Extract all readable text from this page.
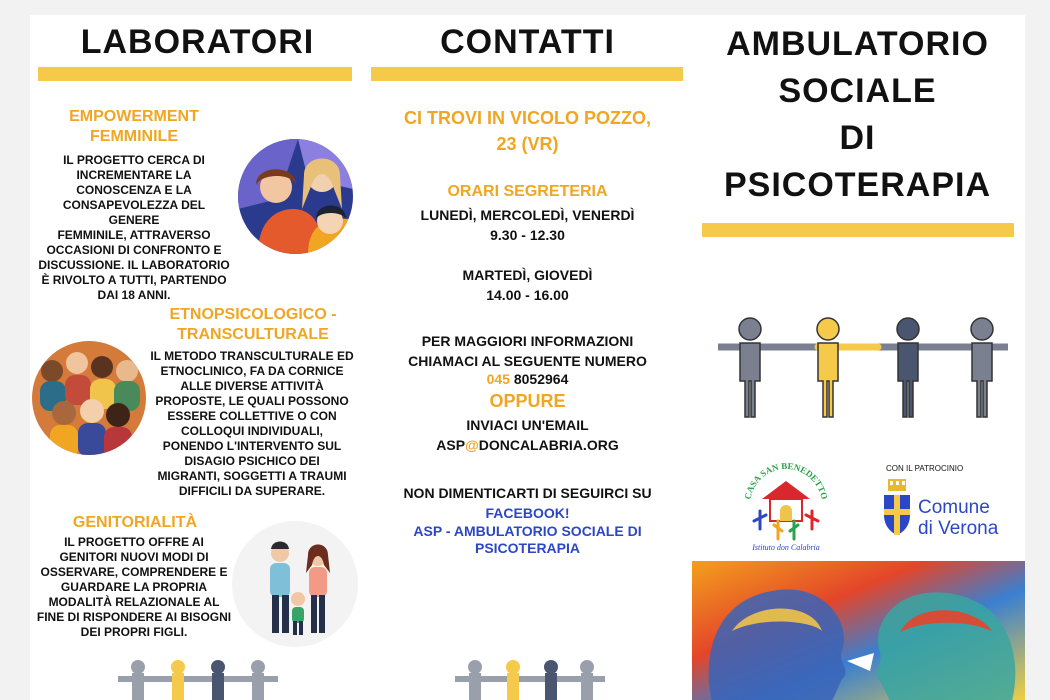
LABORATORI
EMPOWERMENT
FEMMINILE
IL PROGETTO CERCA DI
INCREMENTARE LA
CONOSCENZA E LA
CONSAPEVOLEZZA DEL GENERE
FEMMINILE, ATTRAVERSO
OCCASIONI DI CONFRONTO E
DISCUSSIONE. IL LABORATORIO
È RIVOLTO A TUTTI, PARTENDO
DAI 18 ANNI.
ETNOPSICOLOGICO -
TRANSCULTURALE
IL METODO TRANSCULTURALE ED
ETNOCLINICO, FA DA CORNICE
ALLE DIVERSE ATTIVITÀ
PROPOSTE, LE QUALI POSSONO
ESSERE COLLETTIVE O CON
COLLOQUI INDIVIDUALI,
PONENDO L'INTERVENTO SUL
DISAGIO PSICHICO DEI
MIGRANTI, SOGGETTI A TRAUMI
DIFFICILI DA SUPERARE.
GENITORIALITÀ
IL PROGETTO OFFRE AI
GENITORI NUOVI MODI DI
OSSERVARE, COMPRENDERE E
GUARDARE LA PROPRIA
MODALITÀ RELAZIONALE AL
FINE DI RISPONDERE AI BISOGNI
DEI PROPRI FIGLI.
CONTATTI
CI TROVI IN VICOLO POZZO,
23 (VR)
ORARI SEGRETERIA
LUNEDÌ, MERCOLEDÌ, VENERDÌ
9.30 - 12.30
MARTEDÌ, GIOVEDÌ
14.00 - 16.00
PER MAGGIORI INFORMAZIONI
CHIAMACI AL SEGUENTE NUMERO
045 8052964
OPPURE
INVIACI UN'EMAIL
ASP@DONCALABRIA.ORG
NON DIMENTICARTI DI SEGUIRCI SU
FACEBOOK!
ASP - AMBULATORIO SOCIALE DI
PSICOTERAPIA
AMBULATORIO
SOCIALE
DI
PSICOTERAPIA
CASA SAN BENEDETTO
Istituto don Calabria
CON IL PATROCINIO
Comune
di Verona
